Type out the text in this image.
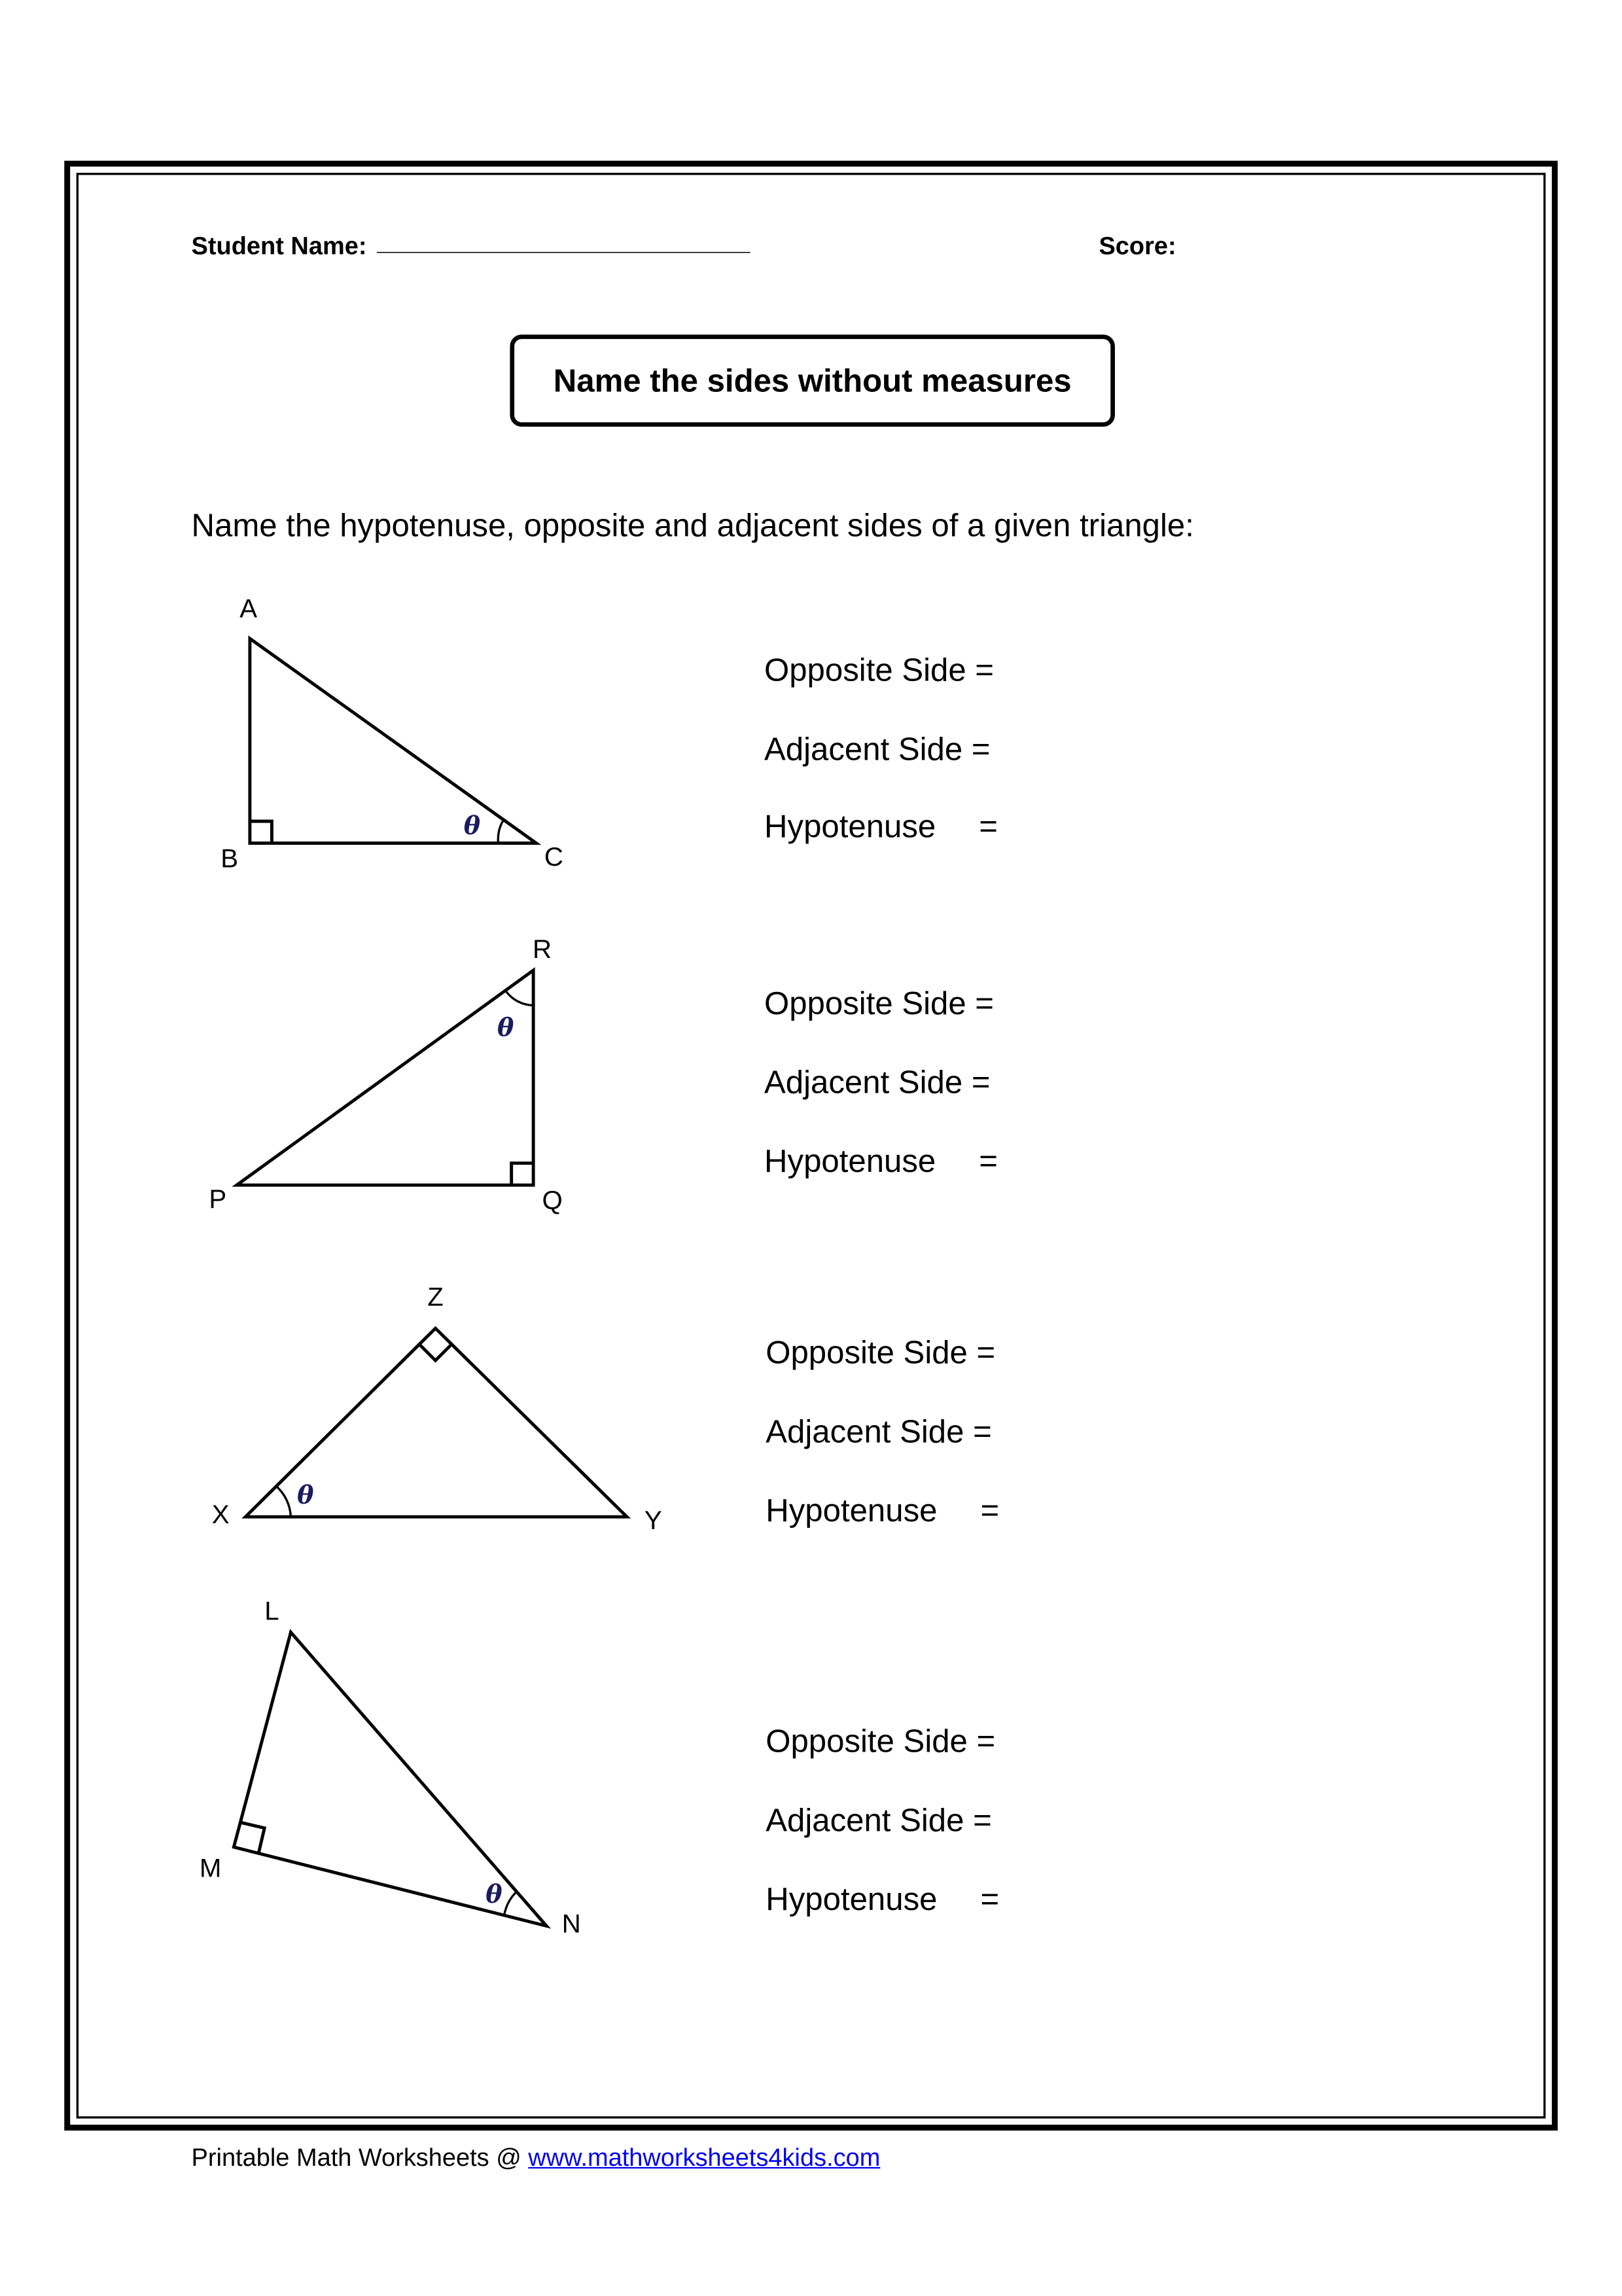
Student Name: ___________________________	Score:
Name the sides without measures
Name the hypotenuse, opposite and adjacent sides of a given triangle:
A
B	C
θ
R
Q
P
θ
Z
X	Y
θ
L
M
N
θ
Opposite Side =
Adjacent Side =
Hypotenuse	=
Opposite Side =
Adjacent Side =
Hypotenuse	=
Opposite Side =
Adjacent Side =
Hypotenuse	=
Opposite Side =
Adjacent Side =
Hypotenuse	=
Printable Math Worksheets @ www.mathworksheets4kids.com
